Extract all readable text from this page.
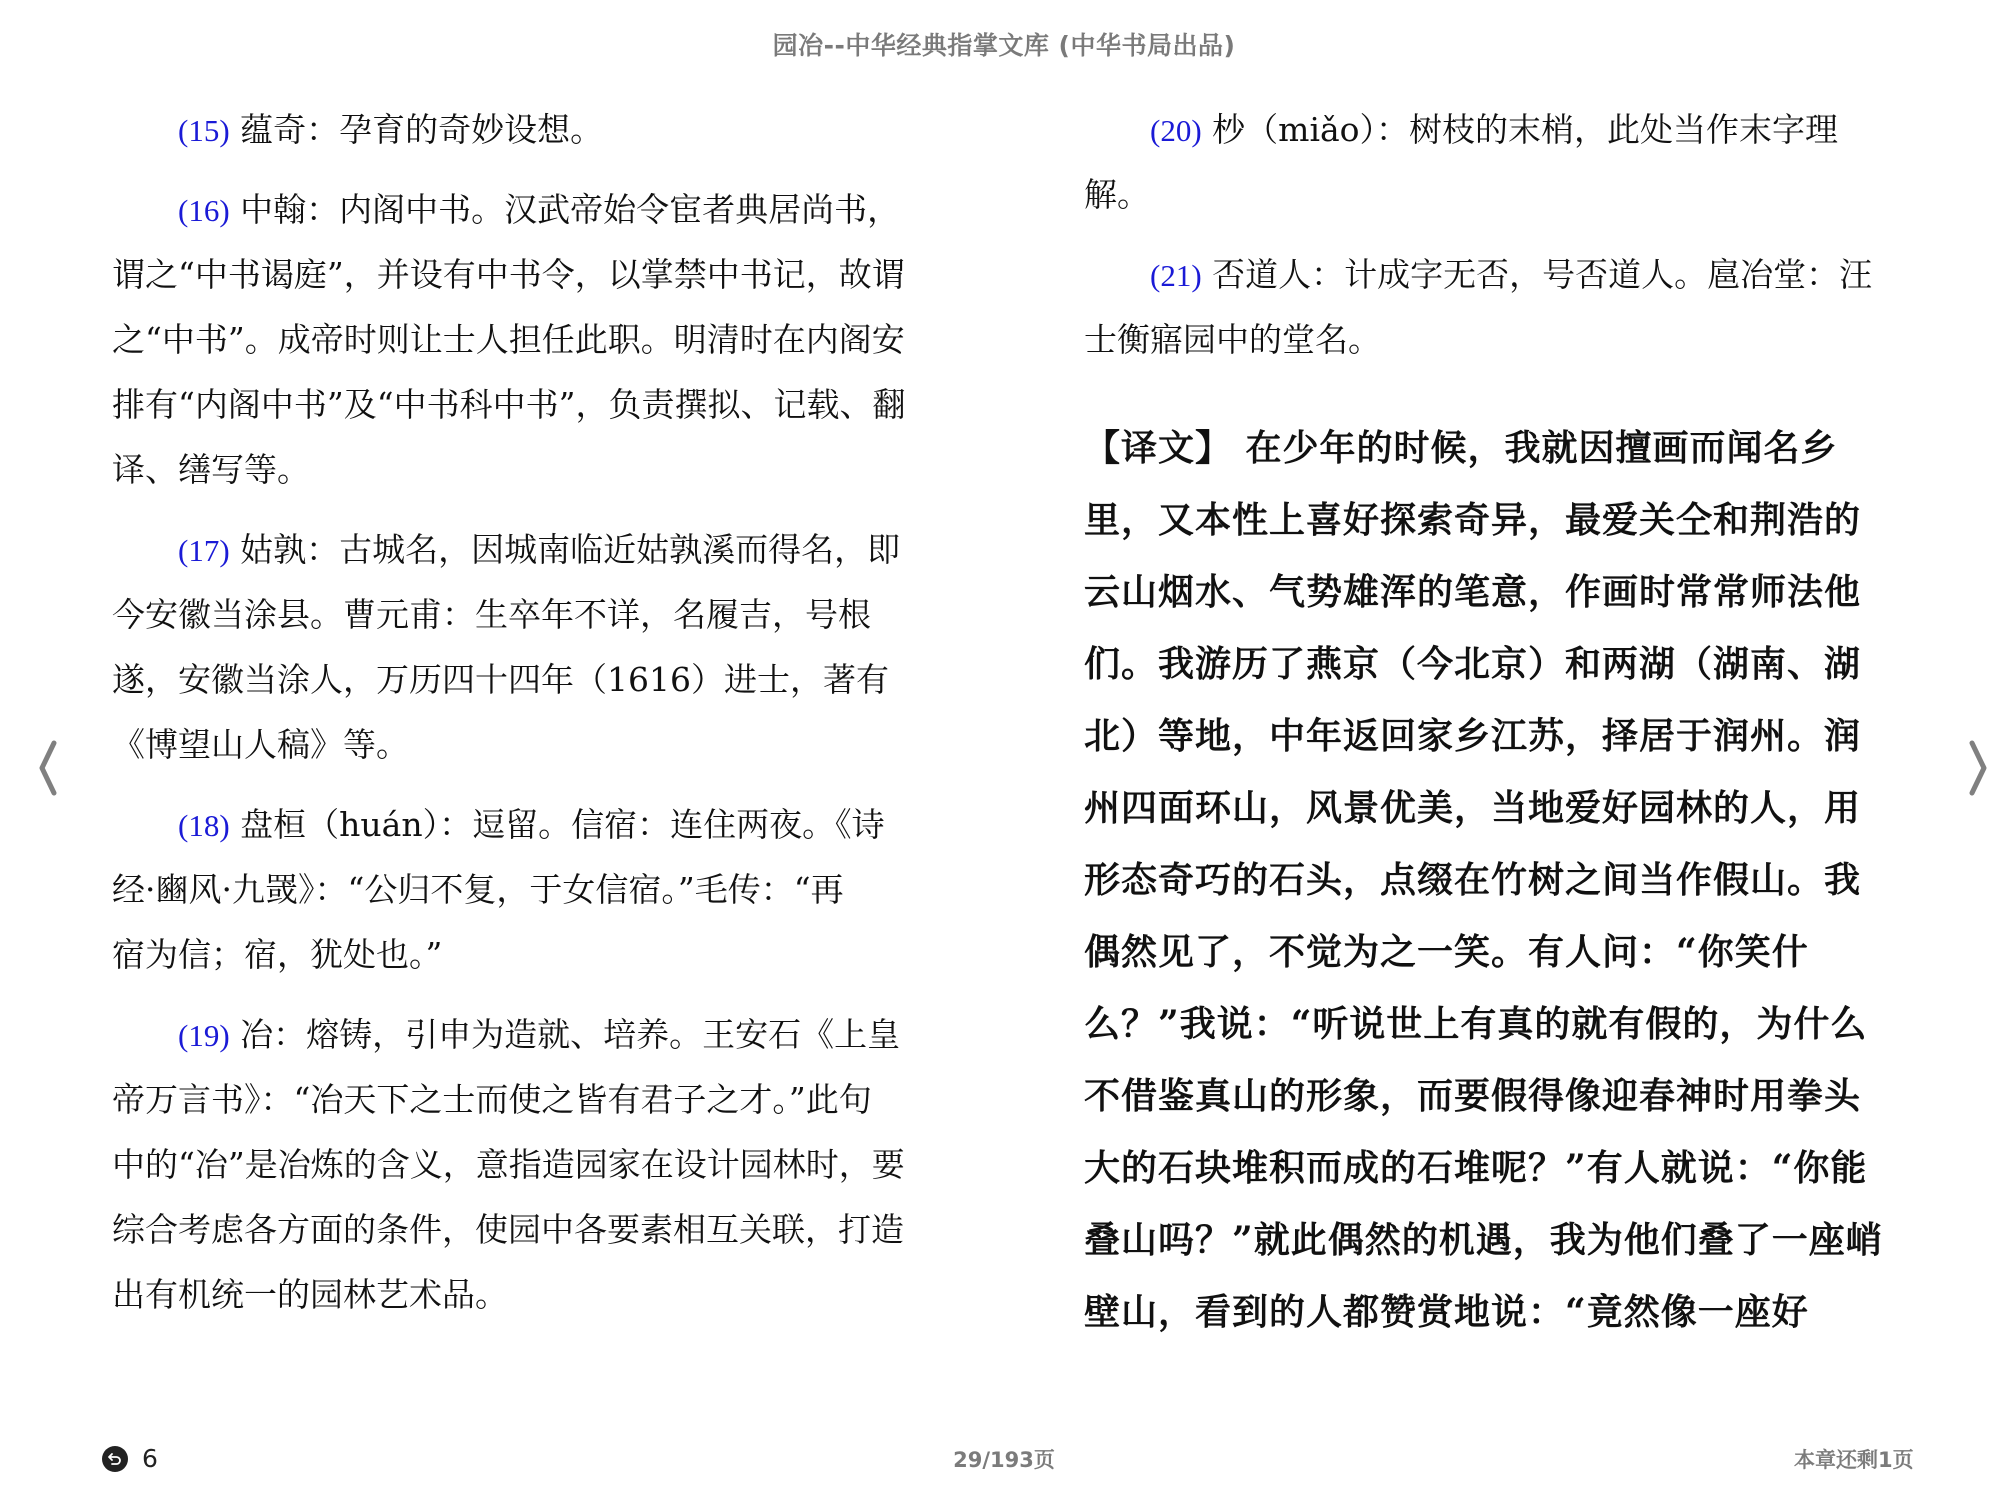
园冶--中华经典指掌文库 (中华书局出品)
(15) 蕴奇：孕育的奇妙设想。
(16) 中翰：内阁中书。汉武帝始令宦者典居尚书，
谓之“中书谒庭”，并设有中书令，以掌禁中书记，故谓
之“中书”。成帝时则让士人担任此职。明清时在内阁安
排有“内阁中书”及“中书科中书”，负责撰拟、记载、翻
译、缮写等。
(17) 姑孰：古城名，因城南临近姑孰溪而得名，即
今安徽当涂县。曹元甫：生卒年不详，名履吉，号根
遂，安徽当涂人，万历四十四年（1616）进士，著有
《博望山人稿》等。
(18) 盘桓（huán）：逗留。信宿：连住两夜。《诗
经·豳风·九罭》：“公归不复，于女信宿。”毛传：“再
宿为信；宿，犹处也。”
(19) 冶：熔铸，引申为造就、培养。王安石《上皇
帝万言书》：“冶天下之士而使之皆有君子之才。”此句
中的“冶”是冶炼的含义，意指造园家在设计园林时，要
综合考虑各方面的条件，使园中各要素相互关联，打造
出有机统一的园林艺术品。
(20) 杪（miǎo）：树枝的末梢，此处当作末字理
解。
(21) 否道人：计成字无否，号否道人。扈冶堂：汪
士衡寤园中的堂名。
【译文】 在少年的时候，我就因擅画而闻名乡
里，又本性上喜好探索奇异，最爱关仝和荆浩的
云山烟水、气势雄浑的笔意，作画时常常师法他
们。我游历了燕京（今北京）和两湖（湖南、湖
北）等地，中年返回家乡江苏，择居于润州。润
州四面环山，风景优美，当地爱好园林的人，用
形态奇巧的石头，点缀在竹树之间当作假山。我
偶然见了，不觉为之一笑。有人问：“你笑什
么？”我说：“听说世上有真的就有假的，为什么
不借鉴真山的形象，而要假得像迎春神时用拳头
大的石块堆积而成的石堆呢？”有人就说：“你能
叠山吗？”就此偶然的机遇，我为他们叠了一座峭
壁山，看到的人都赞赏地说：“竟然像一座好
6	29/193页	本章还剩1页
